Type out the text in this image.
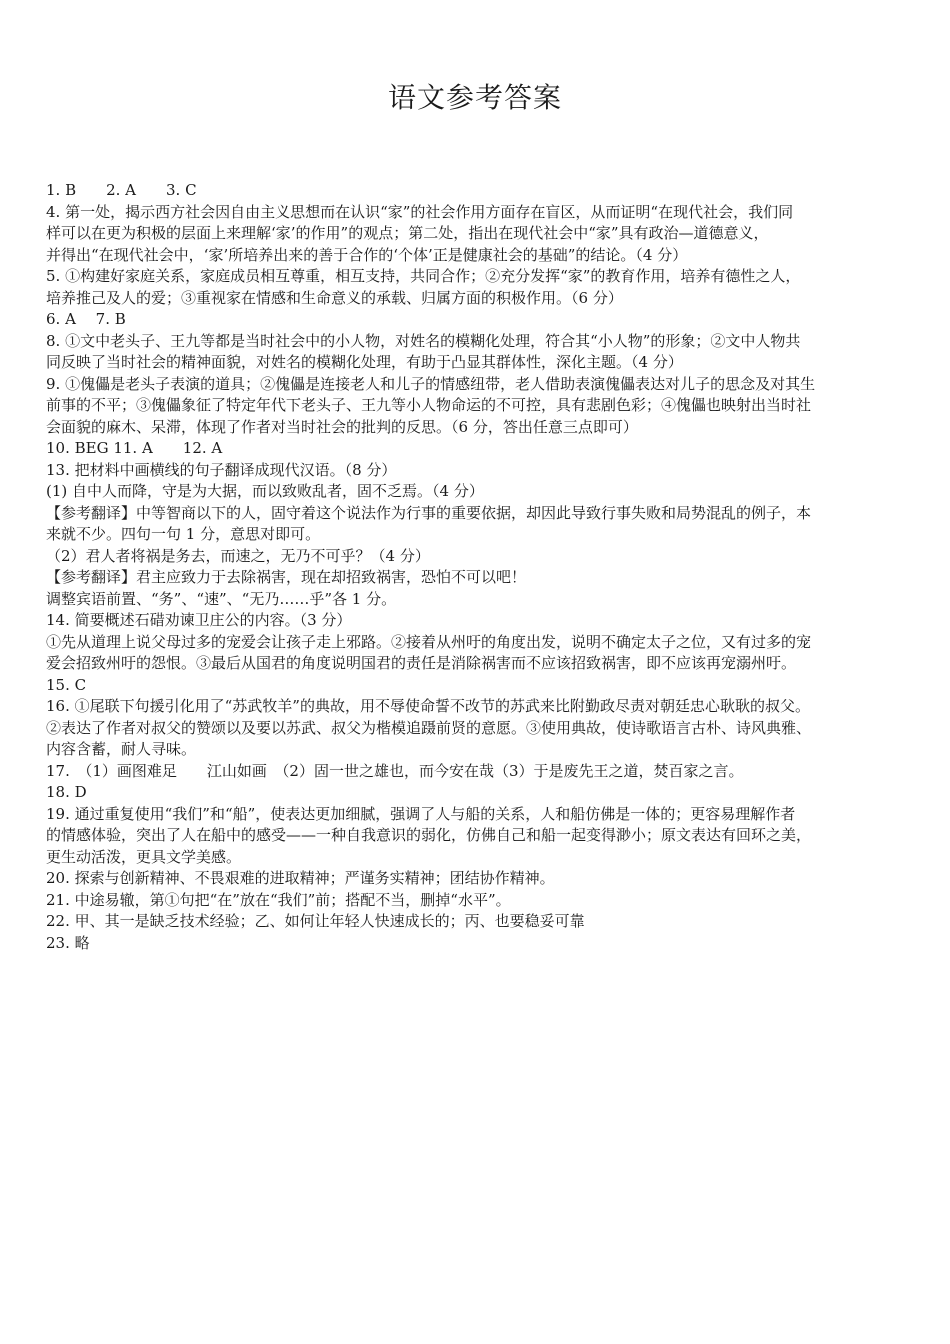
语文参考答案
1. B　　2. A　　3. C
4. 第一处，揭示西方社会因自由主义思想而在认识“家”的社会作用方面存在盲区，从而证明“在现代社会，我们同
样可以在更为积极的层面上来理解‘家’的作用”的观点；第二处，指出在现代社会中“家”具有政治—道德意义，
并得出“在现代社会中，‘家’所培养出来的善于合作的‘个体’正是健康社会的基础”的结论。（4 分）
5. ①构建好家庭关系，家庭成员相互尊重，相互支持，共同合作；②充分发挥“家”的教育作用，培养有德性之人，
培养推己及人的爱；③重视家在情感和生命意义的承载、归属方面的积极作用。（6 分）
6. A　 7. B
8. ①文中老头子、王九等都是当时社会中的小人物，对姓名的模糊化处理，符合其“小人物”的形象；②文中人物共
同反映了当时社会的精神面貌，对姓名的模糊化处理，有助于凸显其群体性，深化主题。（4 分）
9. ①傀儡是老头子表演的道具；②傀儡是连接老人和儿子的情感纽带，老人借助表演傀儡表达对儿子的思念及对其生
前事的不平；③傀儡象征了特定年代下老头子、王九等小人物命运的不可控，具有悲剧色彩；④傀儡也映射出当时社
会面貌的麻木、呆滞，体现了作者对当时社会的批判的反思。（6 分，答出任意三点即可）
10. BEG 11. A　　12. A
13. 把材料中画横线的句子翻译成现代汉语。（8 分）
(1) 自中人而降，守是为大据，而以致败乱者，固不乏焉。（4 分）
【参考翻译】中等智商以下的人，固守着这个说法作为行事的重要依据，却因此导致行事失败和局势混乱的例子，本
来就不少。四句一句 1 分，意思对即可。
（2）君人者将祸是务去，而速之，无乃不可乎？（4 分）
【参考翻译】君主应致力于去除祸害，现在却招致祸害，恐怕不可以吧！
调整宾语前置、“务”、“速”、“无乃……乎”各 1 分。
14. 简要概述石碏劝谏卫庄公的内容。（3 分）
①先从道理上说父母过多的宠爱会让孩子走上邪路。②接着从州吁的角度出发，说明不确定太子之位，又有过多的宠
爱会招致州吁的怨恨。③最后从国君的角度说明国君的责任是消除祸害而不应该招致祸害，即不应该再宠溺州吁。
15. C
16. ①尾联下句援引化用了“苏武牧羊”的典故，用不辱使命誓不改节的苏武来比附勤政尽责对朝廷忠心耿耿的叔父。
②表达了作者对叔父的赞颂以及要以苏武、叔父为楷模追蹑前贤的意愿。③使用典故，使诗歌语言古朴、诗风典雅、
内容含蓄，耐人寻味。
17.　（1）画图难足　　江山如画　（2）固一世之雄也，而今安在哉（3）于是废先王之道，焚百家之言。
18. D
19. 通过重复使用“我们”和“船”，使表达更加细腻，强调了人与船的关系，人和船仿佛是一体的；更容易理解作者
的情感体验，突出了人在船中的感受——一种自我意识的弱化，仿佛自己和船一起变得渺小；原文表达有回环之美，
更生动活泼，更具文学美感。
20. 探索与创新精神、不畏艰难的进取精神；严谨务实精神；团结协作精神。
21. 中途易辙，第①句把“在”放在“我们”前；搭配不当，删掉“水平”。
22. 甲、其一是缺乏技术经验；乙、如何让年轻人快速成长的；丙、也要稳妥可靠
23. 略
